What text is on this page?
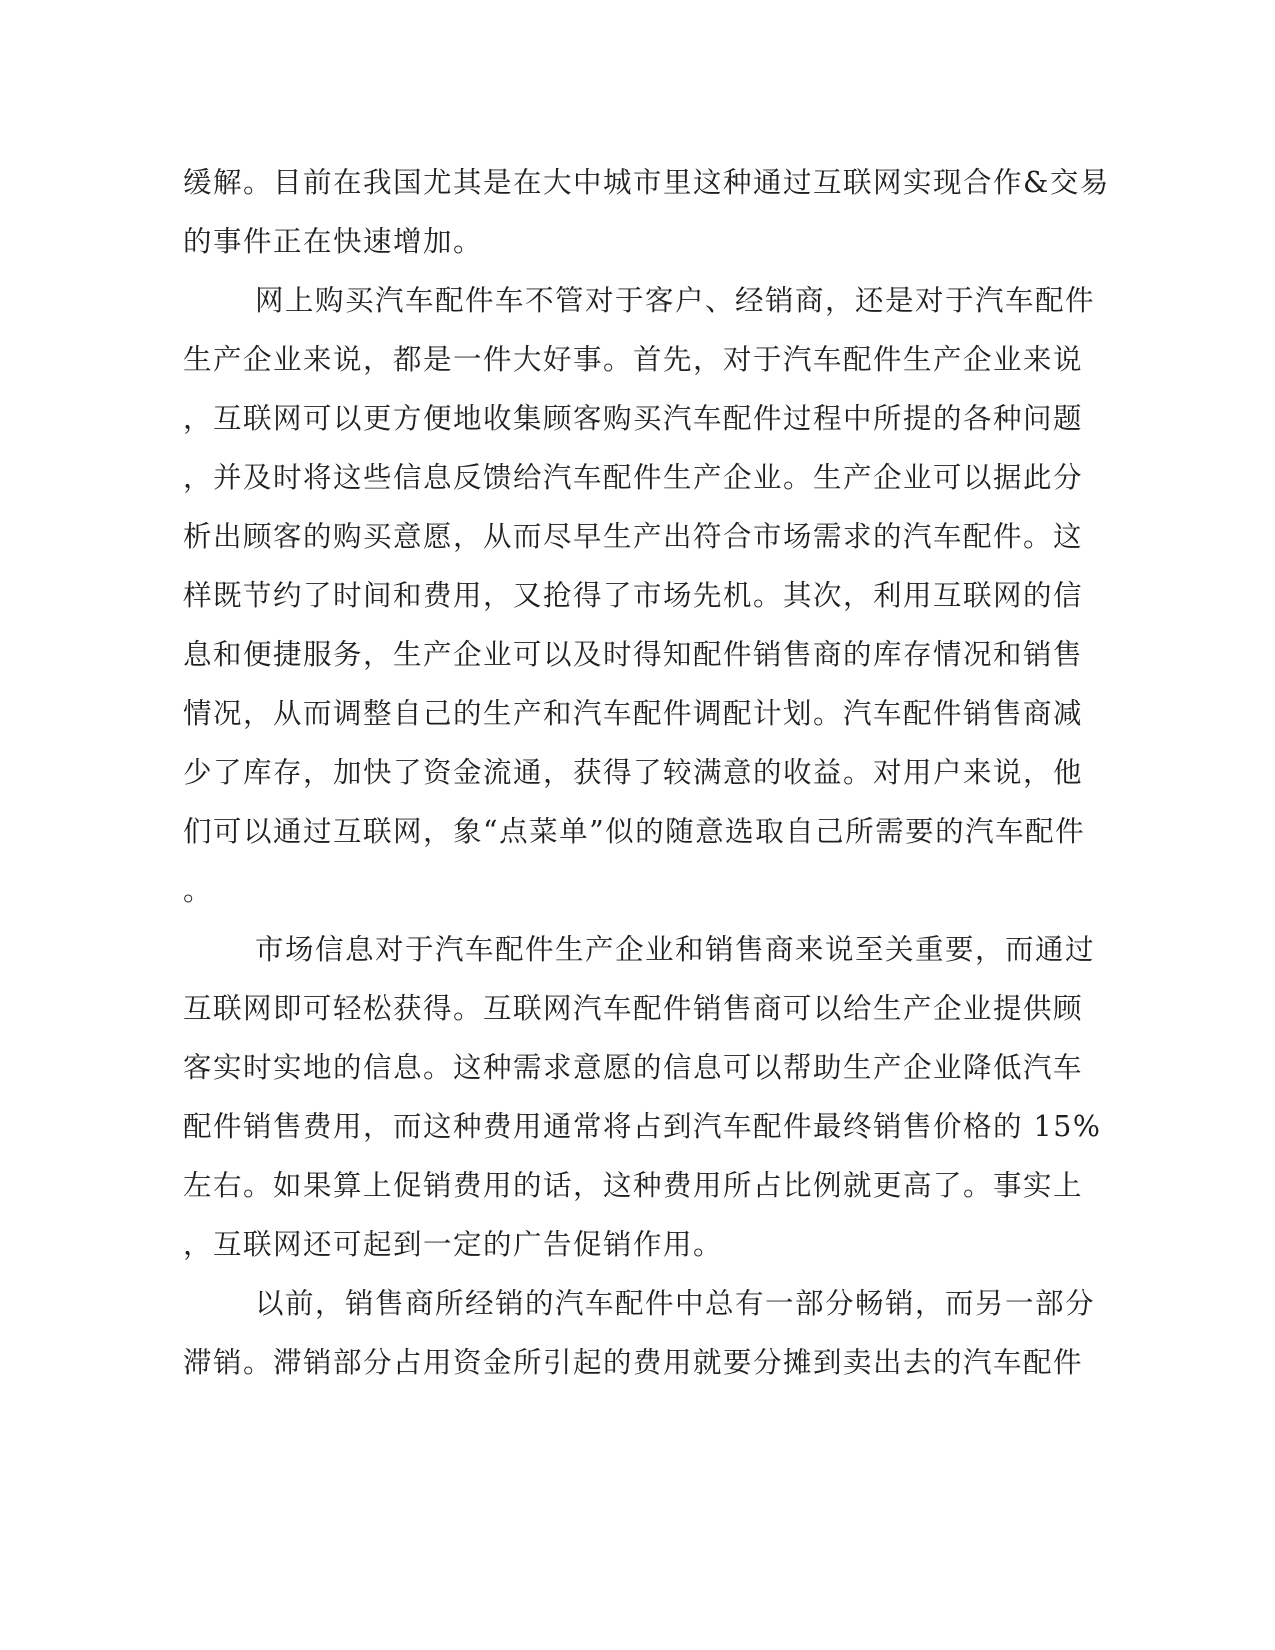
缓解。目前在我国尤其是在大中城市里这种通过互联网实现合作&交易
的事件正在快速增加。
网上购买汽车配件车不管对于客户、经销商，还是对于汽车配件
生产企业来说，都是一件大好事。首先，对于汽车配件生产企业来说
，互联网可以更方便地收集顾客购买汽车配件过程中所提的各种问题
，并及时将这些信息反馈给汽车配件生产企业。生产企业可以据此分
析出顾客的购买意愿，从而尽早生产出符合市场需求的汽车配件。这
样既节约了时间和费用，又抢得了市场先机。其次，利用互联网的信
息和便捷服务，生产企业可以及时得知配件销售商的库存情况和销售
情况，从而调整自己的生产和汽车配件调配计划。汽车配件销售商减
少了库存，加快了资金流通，获得了较满意的收益。对用户来说，他
们可以通过互联网，象“点菜单”似的随意选取自己所需要的汽车配件
。
市场信息对于汽车配件生产企业和销售商来说至关重要，而通过
互联网即可轻松获得。互联网汽车配件销售商可以给生产企业提供顾
客实时实地的信息。这种需求意愿的信息可以帮助生产企业降低汽车
配件销售费用，而这种费用通常将占到汽车配件最终销售价格的 15%
左右。如果算上促销费用的话，这种费用所占比例就更高了。事实上
，互联网还可起到一定的广告促销作用。
以前，销售商所经销的汽车配件中总有一部分畅销，而另一部分
滞销。滞销部分占用资金所引起的费用就要分摊到卖出去的汽车配件
